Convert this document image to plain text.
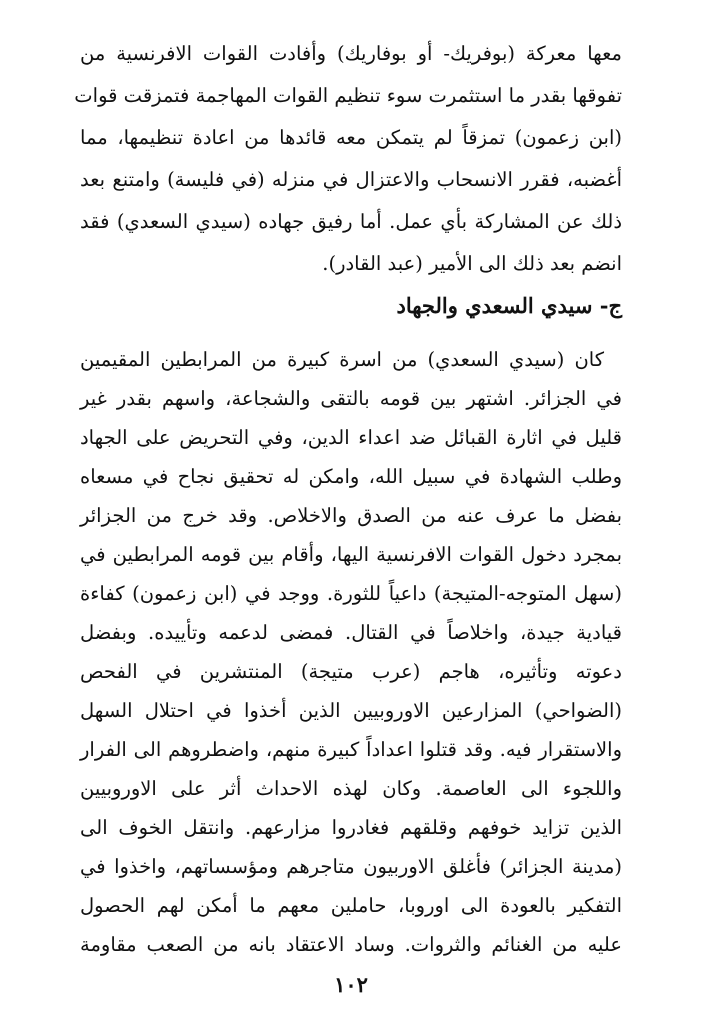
معها معركة (بوفريك- أو بوفاريك) وأفادت القوات الافرنسية من
تفوقها بقدر ما استثمرت سوء تنظيم القوات المهاجمة فتمزقت قوات
(ابن زعمون) تمزقاً لم يتمكن معه قائدها من اعادة تنظيمها، مما
أغضبه، فقرر الانسحاب والاعتزال في منزله (في فليسة) وامتنع بعد
ذلك عن المشاركة بأي عمل. أما رفيق جهاده (سيدي السعدي) فقد
انضم بعد ذلك الى الأمير (عبد القادر).
ج- سيدي السعدي والجهاد
كان (سيدي السعدي) من اسرة كبيرة من المرابطين المقيمين
في الجزائر. اشتهر بين قومه بالتقى والشجاعة، واسهم بقدر غير
قليل في اثارة القبائل ضد اعداء الدين، وفي التحريض على الجهاد
وطلب الشهادة في سبيل الله، وامكن له تحقيق نجاح في مسعاه
بفضل ما عرف عنه من الصدق والاخلاص. وقد خرج من الجزائر
بمجرد دخول القوات الافرنسية اليها، وأقام بين قومه المرابطين في
(سهل المتوجه-المتيجة) داعياً للثورة. ووجد في (ابن زعمون) كفاءة
قيادية جيدة، واخلاصاً في القتال. فمضى لدعمه وتأييده. وبفضل
دعوته وتأثيره، هاجم (عرب متيجة) المنتشرين في الفحص
(الضواحي) المزارعين الاوروبيين الذين أخذوا في احتلال السهل
والاستقرار فيه. وقد قتلوا اعداداً كبيرة منهم، واضطروهم الى الفرار
واللجوء الى العاصمة. وكان لهذه الاحداث أثر على الاوروبيين
الذين تزايد خوفهم وقلقهم فغادروا مزارعهم. وانتقل الخوف الى
(مدينة الجزائر) فأغلق الاوربيون متاجرهم ومؤسساتهم، واخذوا في
التفكير بالعودة الى اوروبا، حاملين معهم ما أمكن لهم الحصول
عليه من الغنائم والثروات. وساد الاعتقاد بانه من الصعب مقاومة
١٠٢
